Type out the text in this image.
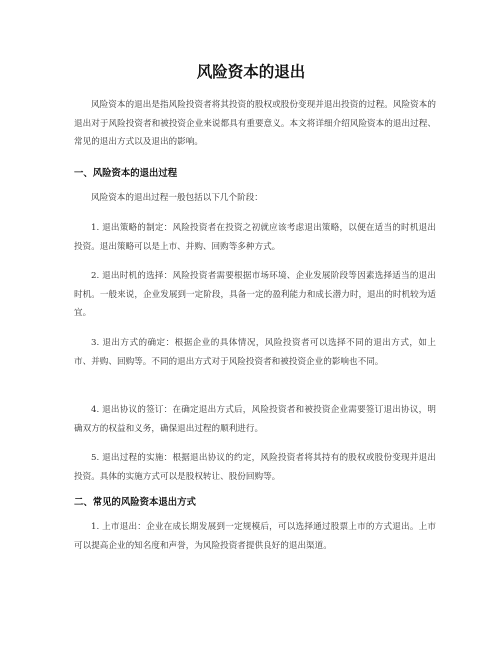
风险资本的退出

风险资本的退出是指风险投资者将其投资的股权或股份变现并退出投资的过程。风险资本的退出对于风险投资者和被投资企业来说都具有重要意义。本文将详细介绍风险资本的退出过程、常见的退出方式以及退出的影响。

一、风险资本的退出过程

风险资本的退出过程一般包括以下几个阶段：

1. 退出策略的制定：风险投资者在投资之初就应该考虑退出策略，以便在适当的时机退出投资。退出策略可以是上市、并购、回购等多种方式。

2. 退出时机的选择：风险投资者需要根据市场环境、企业发展阶段等因素选择适当的退出时机。一般来说，企业发展到一定阶段，具备一定的盈利能力和成长潜力时，退出的时机较为适宜。

3. 退出方式的确定：根据企业的具体情况，风险投资者可以选择不同的退出方式，如上市、并购、回购等。不同的退出方式对于风险投资者和被投资企业的影响也不同。

4. 退出协议的签订：在确定退出方式后，风险投资者和被投资企业需要签订退出协议，明确双方的权益和义务，确保退出过程的顺利进行。

5. 退出过程的实施：根据退出协议的约定，风险投资者将其持有的股权或股份变现并退出投资。具体的实施方式可以是股权转让、股份回购等。

二、常见的风险资本退出方式

1. 上市退出：企业在成长期发展到一定规模后，可以选择通过股票上市的方式退出。上市可以提高企业的知名度和声誉，为风险投资者提供良好的退出渠道。
